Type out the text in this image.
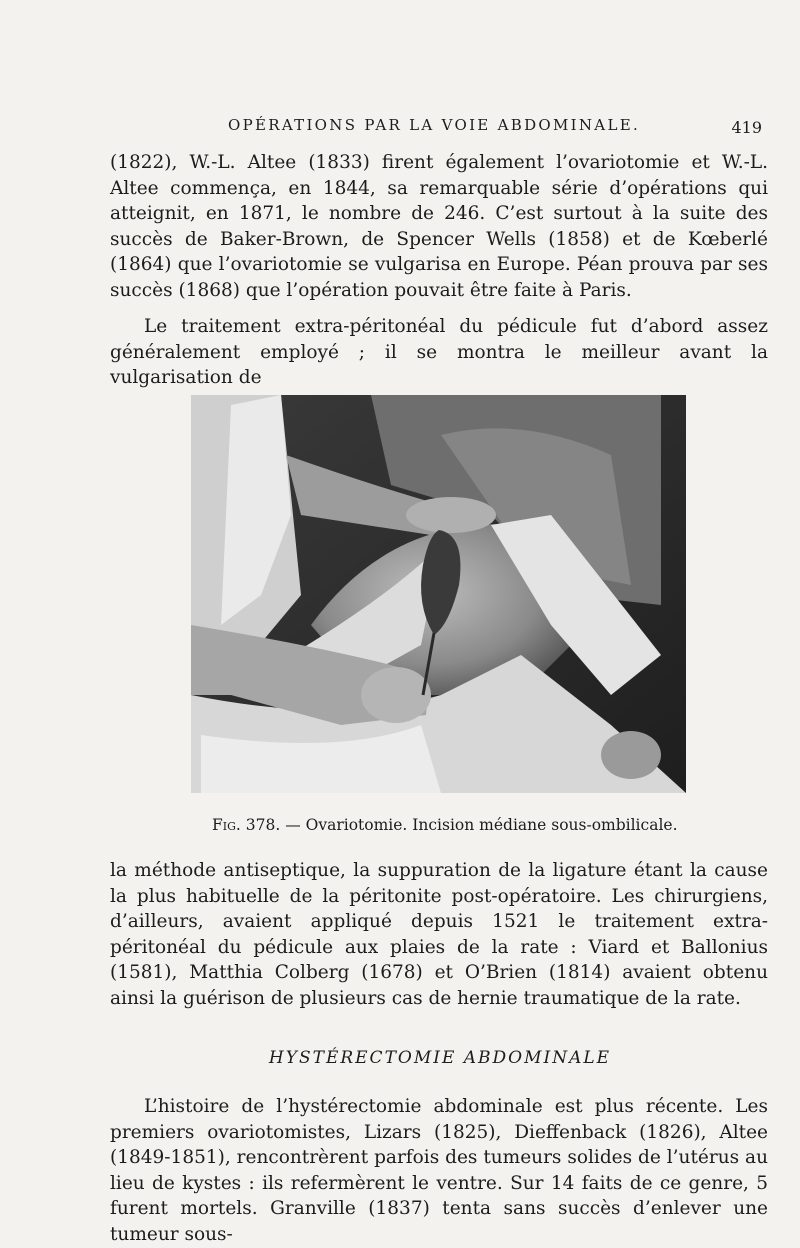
OPÉRATIONS PAR LA VOIE ABDOMINALE.	419

(1822), W.-L. Altee (1833) firent également l’ovariotomie et W.-L. Altee commença, en 1844, sa remarquable série d’opérations qui atteignit, en 1871, le nombre de 246. C’est surtout à la suite des succès de Baker-Brown, de Spencer Wells (1858) et de Kœberlé (1864) que l’ovariotomie se vulgarisa en Europe. Péan prouva par ses succès (1868) que l’opération pouvait être faite à Paris.

Le traitement extra-péritonéal du pédicule fut d’abord assez généralement employé ; il se montra le meilleur avant la vulgarisation de

Fig. 378. — Ovariotomie. Incision médiane sous-ombilicale.

la méthode antiseptique, la suppuration de la ligature étant la cause la plus habituelle de la péritonite post-opératoire. Les chirurgiens, d’ailleurs, avaient appliqué depuis 1521 le traitement extra-péritonéal du pédicule aux plaies de la rate : Viard et Ballonius (1581), Matthia Colberg (1678) et O’Brien (1814) avaient obtenu ainsi la guérison de plusieurs cas de hernie traumatique de la rate.

HYSTÉRECTOMIE ABDOMINALE

L’histoire de l’hystérectomie abdominale est plus récente. Les premiers ovariotomistes, Lizars (1825), Dieffenback (1826), Altee (1849-1851), rencontrèrent parfois des tumeurs solides de l’utérus au lieu de kystes : ils refermèrent le ventre. Sur 14 faits de ce genre, 5 furent mortels. Granville (1837) tenta sans succès d’enlever une tumeur sous-
